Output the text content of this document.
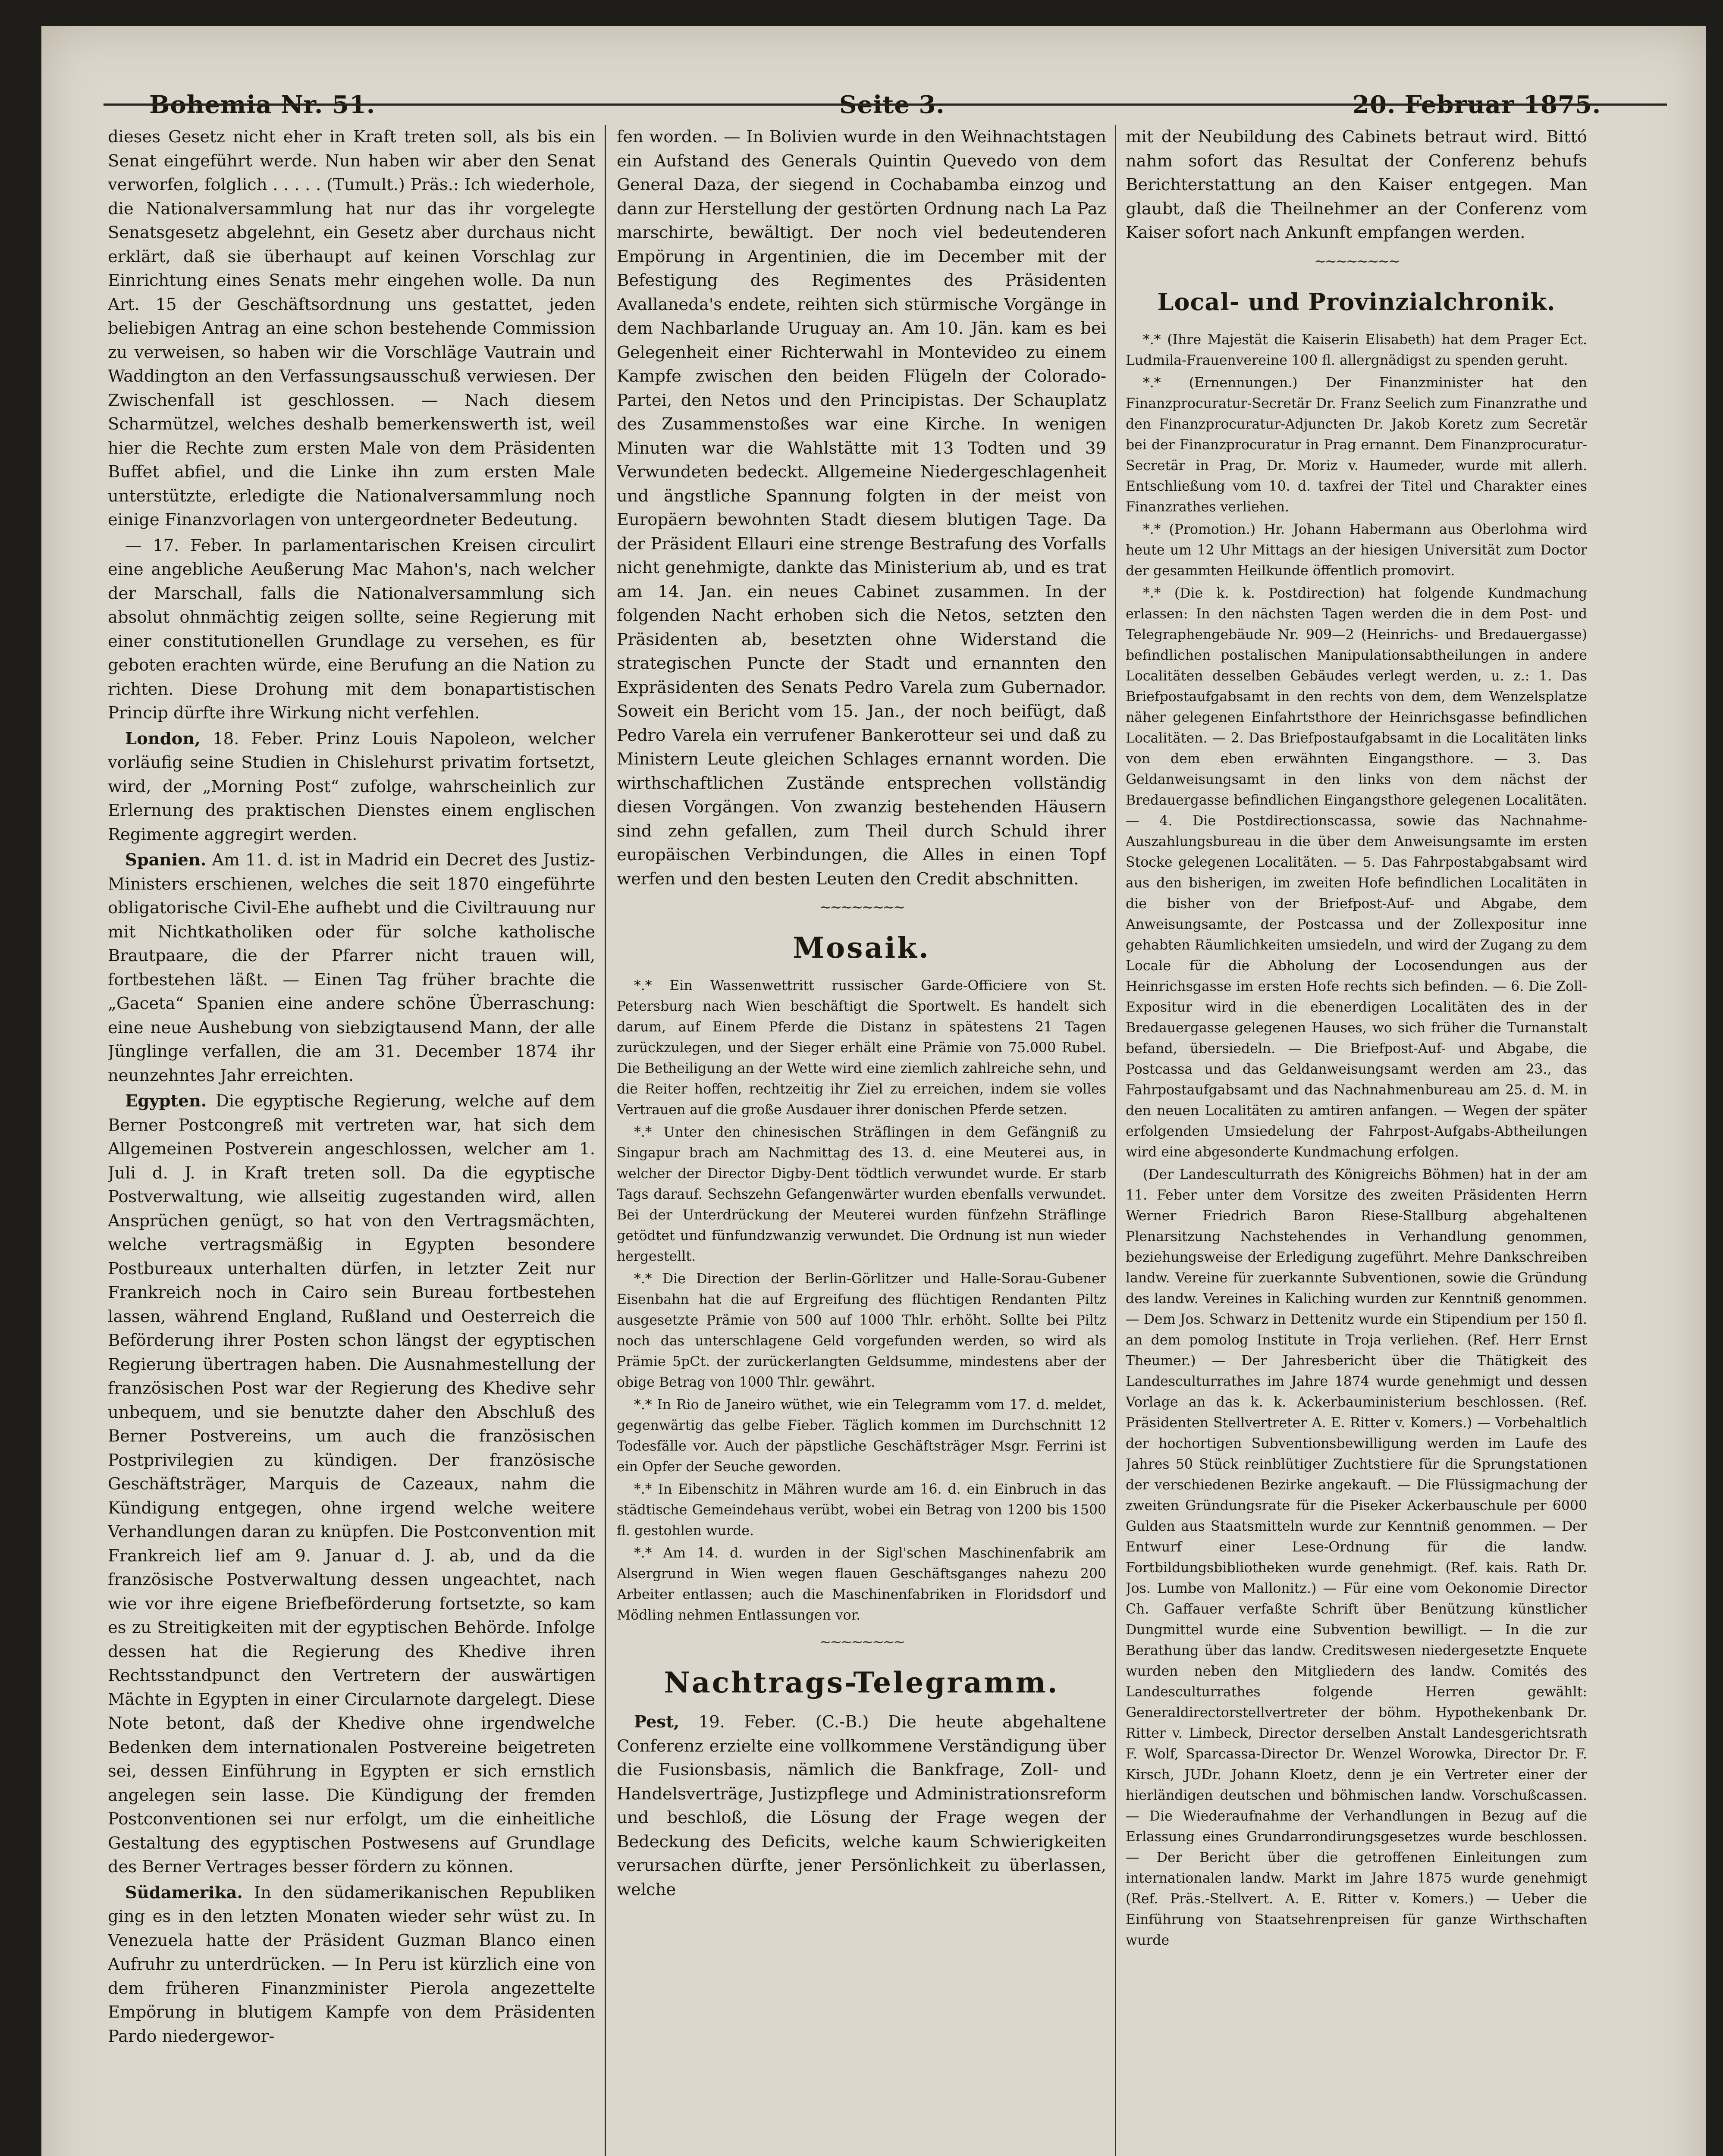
Bohemia Nr. 51.	Seite 3.	20. Februar 1875.

dieses Gesetz nicht eher in Kraft treten soll, als bis ein Senat eingeführt werde. Nun haben wir aber den Senat verworfen, folglich . . . . . (Tumult.) Präs.: Ich wiederhole, die Nationalversammlung hat nur das ihr vorgelegte Senatsgesetz abgelehnt, ein Gesetz aber durchaus nicht erklärt, daß sie überhaupt auf keinen Vorschlag zur Einrichtung eines Senats mehr eingehen wolle. Da nun Art. 15 der Geschäftsordnung uns gestattet, jeden beliebigen Antrag an eine schon bestehende Commission zu verweisen, so haben wir die Vorschläge Vautrain und Waddington an den Verfassungsausschuß verwiesen. Der Zwischenfall ist geschlossen. — Nach diesem Scharmützel, welches deshalb bemerkenswerth ist, weil hier die Rechte zum ersten Male von dem Präsidenten Buffet abfiel, und die Linke ihn zum ersten Male unterstützte, erledigte die Nationalversammlung noch einige Finanzvorlagen von untergeordneter Bedeutung.

— 17. Feber. In parlamentarischen Kreisen circulirt eine angebliche Aeußerung Mac Mahon's, nach welcher der Marschall, falls die Nationalversammlung sich absolut ohnmächtig zeigen sollte, seine Regierung mit einer constitutionellen Grundlage zu versehen, es für geboten erachten würde, eine Berufung an die Nation zu richten. Diese Drohung mit dem bonapartistischen Princip dürfte ihre Wirkung nicht verfehlen.

London, 18. Feber. Prinz Louis Napoleon, welcher vorläufig seine Studien in Chislehurst privatim fortsetzt, wird, der „Morning Post“ zufolge, wahrscheinlich zur Erlernung des praktischen Dienstes einem englischen Regimente aggregirt werden.

Spanien. Am 11. d. ist in Madrid ein Decret des Justiz-Ministers erschienen, welches die seit 1870 eingeführte obligatorische Civil-Ehe aufhebt und die Civiltrauung nur mit Nichtkatholiken oder für solche katholische Brautpaare, die der Pfarrer nicht trauen will, fortbestehen läßt. — Einen Tag früher brachte die „Gaceta“ Spanien eine andere schöne Überraschung: eine neue Aushebung von siebzigtausend Mann, der alle Jünglinge verfallen, die am 31. December 1874 ihr neunzehntes Jahr erreichten.

Egypten. Die egyptische Regierung, welche auf dem Berner Postcongreß mit vertreten war, hat sich dem Allgemeinen Postverein angeschlossen, welcher am 1. Juli d. J. in Kraft treten soll. Da die egyptische Postverwaltung, wie allseitig zugestanden wird, allen Ansprüchen genügt, so hat von den Vertragsmächten, welche vertragsmäßig in Egypten besondere Postbureaux unterhalten dürfen, in letzter Zeit nur Frankreich noch in Cairo sein Bureau fortbestehen lassen, während England, Rußland und Oesterreich die Beförderung ihrer Posten schon längst der egyptischen Regierung übertragen haben. Die Ausnahmestellung der französischen Post war der Regierung des Khedive sehr unbequem, und sie benutzte daher den Abschluß des Berner Postvereins, um auch die französischen Postprivilegien zu kündigen. Der französische Geschäftsträger, Marquis de Cazeaux, nahm die Kündigung entgegen, ohne irgend welche weitere Verhandlungen daran zu knüpfen. Die Postconvention mit Frankreich lief am 9. Januar d. J. ab, und da die französische Postverwaltung dessen ungeachtet, nach wie vor ihre eigene Briefbeförderung fortsetzte, so kam es zu Streitigkeiten mit der egyptischen Behörde. Infolge dessen hat die Regierung des Khedive ihren Rechtsstandpunct den Vertretern der auswärtigen Mächte in Egypten in einer Circularnote dargelegt. Diese Note betont, daß der Khedive ohne irgendwelche Bedenken dem internationalen Postvereine beigetreten sei, dessen Einführung in Egypten er sich ernstlich angelegen sein lasse. Die Kündigung der fremden Postconventionen sei nur erfolgt, um die einheitliche Gestaltung des egyptischen Postwesens auf Grundlage des Berner Vertrages besser fördern zu können.

Südamerika. In den südamerikanischen Republiken ging es in den letzten Monaten wieder sehr wüst zu. In Venezuela hatte der Präsident Guzman Blanco einen Aufruhr zu unterdrücken. — In Peru ist kürzlich eine von dem früheren Finanzminister Pierola angezettelte Empörung in blutigem Kampfe von dem Präsidenten Pardo niedergewor-

fen worden. — In Bolivien wurde in den Weihnachtstagen ein Aufstand des Generals Quintin Quevedo von dem General Daza, der siegend in Cochabamba einzog und dann zur Herstellung der gestörten Ordnung nach La Paz marschirte, bewältigt. Der noch viel bedeutenderen Empörung in Argentinien, die im December mit der Befestigung des Regimentes des Präsidenten Avallaneda's endete, reihten sich stürmische Vorgänge in dem Nachbarlande Uruguay an. Am 10. Jän. kam es bei Gelegenheit einer Richterwahl in Montevideo zu einem Kampfe zwischen den beiden Flügeln der Colorado-Partei, den Netos und den Principistas. Der Schauplatz des Zusammenstoßes war eine Kirche. In wenigen Minuten war die Wahlstätte mit 13 Todten und 39 Verwundeten bedeckt. Allgemeine Niedergeschlagenheit und ängstliche Spannung folgten in der meist von Europäern bewohnten Stadt diesem blutigen Tage. Da der Präsident Ellauri eine strenge Bestrafung des Vorfalls nicht genehmigte, dankte das Ministerium ab, und es trat am 14. Jan. ein neues Cabinet zusammen. In der folgenden Nacht erhoben sich die Netos, setzten den Präsidenten ab, besetzten ohne Widerstand die strategischen Puncte der Stadt und ernannten den Expräsidenten des Senats Pedro Varela zum Gubernador. Soweit ein Bericht vom 15. Jan., der noch beifügt, daß Pedro Varela ein verrufener Bankerotteur sei und daß zu Ministern Leute gleichen Schlages ernannt worden. Die wirthschaftlichen Zustände entsprechen vollständig diesen Vorgängen. Von zwanzig bestehenden Häusern sind zehn gefallen, zum Theil durch Schuld ihrer europäischen Verbindungen, die Alles in einen Topf werfen und den besten Leuten den Credit abschnitten.

~~~~~~~~
Mosaik.

*.* Ein Wassenwettritt russischer Garde-Officiere von St. Petersburg nach Wien beschäftigt die Sportwelt. Es handelt sich darum, auf Einem Pferde die Distanz in spätestens 21 Tagen zurückzulegen, und der Sieger erhält eine Prämie von 75.000 Rubel. Die Betheiligung an der Wette wird eine ziemlich zahlreiche sehn, und die Reiter hoffen, rechtzeitig ihr Ziel zu erreichen, indem sie volles Vertrauen auf die große Ausdauer ihrer donischen Pferde setzen.

*.* Unter den chinesischen Sträflingen in dem Gefängniß zu Singapur brach am Nachmittag des 13. d. eine Meuterei aus, in welcher der Director Digby-Dent tödtlich verwundet wurde. Er starb Tags darauf. Sechszehn Gefangenwärter wurden ebenfalls verwundet. Bei der Unterdrückung der Meuterei wurden fünfzehn Sträflinge getödtet und fünfundzwanzig verwundet. Die Ordnung ist nun wieder hergestellt.

*.* Die Direction der Berlin-Görlitzer und Halle-Sorau-Gubener Eisenbahn hat die auf Ergreifung des flüchtigen Rendanten Piltz ausgesetzte Prämie von 500 auf 1000 Thlr. erhöht. Sollte bei Piltz noch das unterschlagene Geld vorgefunden werden, so wird als Prämie 5pCt. der zurückerlangten Geldsumme, mindestens aber der obige Betrag von 1000 Thlr. gewährt.

*.* In Rio de Janeiro wüthet, wie ein Telegramm vom 17. d. meldet, gegenwärtig das gelbe Fieber. Täglich kommen im Durchschnitt 12 Todesfälle vor. Auch der päpstliche Geschäftsträger Msgr. Ferrini ist ein Opfer der Seuche geworden.

*.* In Eibenschitz in Mähren wurde am 16. d. ein Einbruch in das städtische Gemeindehaus verübt, wobei ein Betrag von 1200 bis 1500 fl. gestohlen wurde.

*.* Am 14. d. wurden in der Sigl'schen Maschinenfabrik am Alsergrund in Wien wegen flauen Geschäftsganges nahezu 200 Arbeiter entlassen; auch die Maschinenfabriken in Floridsdorf und Mödling nehmen Entlassungen vor.

~~~~~~~~
Nachtrags-Telegramm.

Pest, 19. Feber. (C.-B.) Die heute abgehaltene Conferenz erzielte eine vollkommene Verständigung über die Fusionsbasis, nämlich die Bankfrage, Zoll- und Handelsverträge, Justizpflege und Administrationsreform und beschloß, die Lösung der Frage wegen der Bedeckung des Deficits, welche kaum Schwierigkeiten verursachen dürfte, jener Persönlichkeit zu überlassen, welche

mit der Neubildung des Cabinets betraut wird. Bittó nahm sofort das Resultat der Conferenz behufs Berichterstattung an den Kaiser entgegen. Man glaubt, daß die Theilnehmer an der Conferenz vom Kaiser sofort nach Ankunft empfangen werden.

~~~~~~~~
Local- und Provinzialchronik.

*.* (Ihre Majestät die Kaiserin Elisabeth) hat dem Prager Ect. Ludmila-Frauenvereine 100 fl. allergnädigst zu spenden geruht.

*.* (Ernennungen.) Der Finanzminister hat den Finanzprocuratur-Secretär Dr. Franz Seelich zum Finanzrathe und den Finanzprocuratur-Adjuncten Dr. Jakob Koretz zum Secretär bei der Finanzprocuratur in Prag ernannt. Dem Finanzprocuratur-Secretär in Prag, Dr. Moriz v. Haumeder, wurde mit allerh. Entschließung vom 10. d. taxfrei der Titel und Charakter eines Finanzrathes verliehen.

*.* (Promotion.) Hr. Johann Habermann aus Oberlohma wird heute um 12 Uhr Mittags an der hiesigen Universität zum Doctor der gesammten Heilkunde öffentlich promovirt.

*.* (Die k. k. Postdirection) hat folgende Kundmachung erlassen: In den nächsten Tagen werden die in dem Post- und Telegraphengebäude Nr. 909—2 (Heinrichs- und Bredauergasse) befindlichen postalischen Manipulationsabtheilungen in andere Localitäten desselben Gebäudes verlegt werden, u. z.: 1. Das Briefpostaufgabsamt in den rechts von dem, dem Wenzelsplatze näher gelegenen Einfahrtsthore der Heinrichsgasse befindlichen Localitäten. — 2. Das Briefpostaufgabsamt in die Localitäten links von dem eben erwähnten Eingangsthore. — 3. Das Geldanweisungsamt in den links von dem nächst der Bredauergasse befindlichen Eingangsthore gelegenen Localitäten. — 4. Die Postdirectionscassa, sowie das Nachnahme-Auszahlungsbureau in die über dem Anweisungsamte im ersten Stocke gelegenen Localitäten. — 5. Das Fahrpostabgabsamt wird aus den bisherigen, im zweiten Hofe befindlichen Localitäten in die bisher von der Briefpost-Auf- und Abgabe, dem Anweisungsamte, der Postcassa und der Zollexpositur inne gehabten Räumlichkeiten umsiedeln, und wird der Zugang zu dem Locale für die Abholung der Locosendungen aus der Heinrichsgasse im ersten Hofe rechts sich befinden. — 6. Die Zoll-Expositur wird in die ebenerdigen Localitäten des in der Bredauergasse gelegenen Hauses, wo sich früher die Turnanstalt befand, übersiedeln. — Die Briefpost-Auf- und Abgabe, die Postcassa und das Geldanweisungsamt werden am 23., das Fahrpostaufgabsamt und das Nachnahmenbureau am 25. d. M. in den neuen Localitäten zu amtiren anfangen. — Wegen der später erfolgenden Umsiedelung der Fahrpost-Aufgabs-Abtheilungen wird eine abgesonderte Kundmachung erfolgen.

(Der Landesculturrath des Königreichs Böhmen) hat in der am 11. Feber unter dem Vorsitze des zweiten Präsidenten Herrn Werner Friedrich Baron Riese-Stallburg abgehaltenen Plenarsitzung Nachstehendes in Verhandlung genommen, beziehungsweise der Erledigung zugeführt. Mehre Dankschreiben landw. Vereine für zuerkannte Subventionen, sowie die Gründung des landw. Vereines in Kaliching wurden zur Kenntniß genommen. — Dem Jos. Schwarz in Dettenitz wurde ein Stipendium per 150 fl. an dem pomolog Institute in Troja verliehen. (Ref. Herr Ernst Theumer.) — Der Jahresbericht über die Thätigkeit des Landesculturrathes im Jahre 1874 wurde genehmigt und dessen Vorlage an das k. k. Ackerbauministerium beschlossen. (Ref. Präsidenten Stellvertreter A. E. Ritter v. Komers.) — Vorbehaltlich der hochortigen Subventionsbewilligung werden im Laufe des Jahres 50 Stück reinblütiger Zuchtstiere für die Sprungstationen der verschiedenen Bezirke angekauft. — Die Flüssigmachung der zweiten Gründungsrate für die Piseker Ackerbauschule per 6000 Gulden aus Staatsmitteln wurde zur Kenntniß genommen. — Der Entwurf einer Lese-Ordnung für die landw. Fortbildungsbibliotheken wurde genehmigt. (Ref. kais. Rath Dr. Jos. Lumbe von Mallonitz.) — Für eine vom Oekonomie Director Ch. Gaffauer verfaßte Schrift über Benützung künstlicher Dungmittel wurde eine Subvention bewilligt. — In die zur Berathung über das landw. Creditswesen niedergesetzte Enquete wurden neben den Mitgliedern des landw. Comités des Landesculturrathes folgende Herren gewählt: Generaldirectorstellvertreter der böhm. Hypothekenbank Dr. Ritter v. Limbeck, Director derselben Anstalt Landesgerichtsrath F. Wolf, Sparcassa-Director Dr. Wenzel Worowka, Director Dr. F. Kirsch, JUDr. Johann Kloetz, denn je ein Vertreter einer der hierländigen deutschen und böhmischen landw. Vorschußcassen. — Die Wiederaufnahme der Verhandlungen in Bezug auf die Erlassung eines Grundarrondirungsgesetzes wurde beschlossen. — Der Bericht über die getroffenen Einleitungen zum internationalen landw. Markt im Jahre 1875 wurde genehmigt (Ref. Präs.-Stellvert. A. E. Ritter v. Komers.) — Ueber die Einführung von Staatsehrenpreisen für ganze Wirthschaften wurde
